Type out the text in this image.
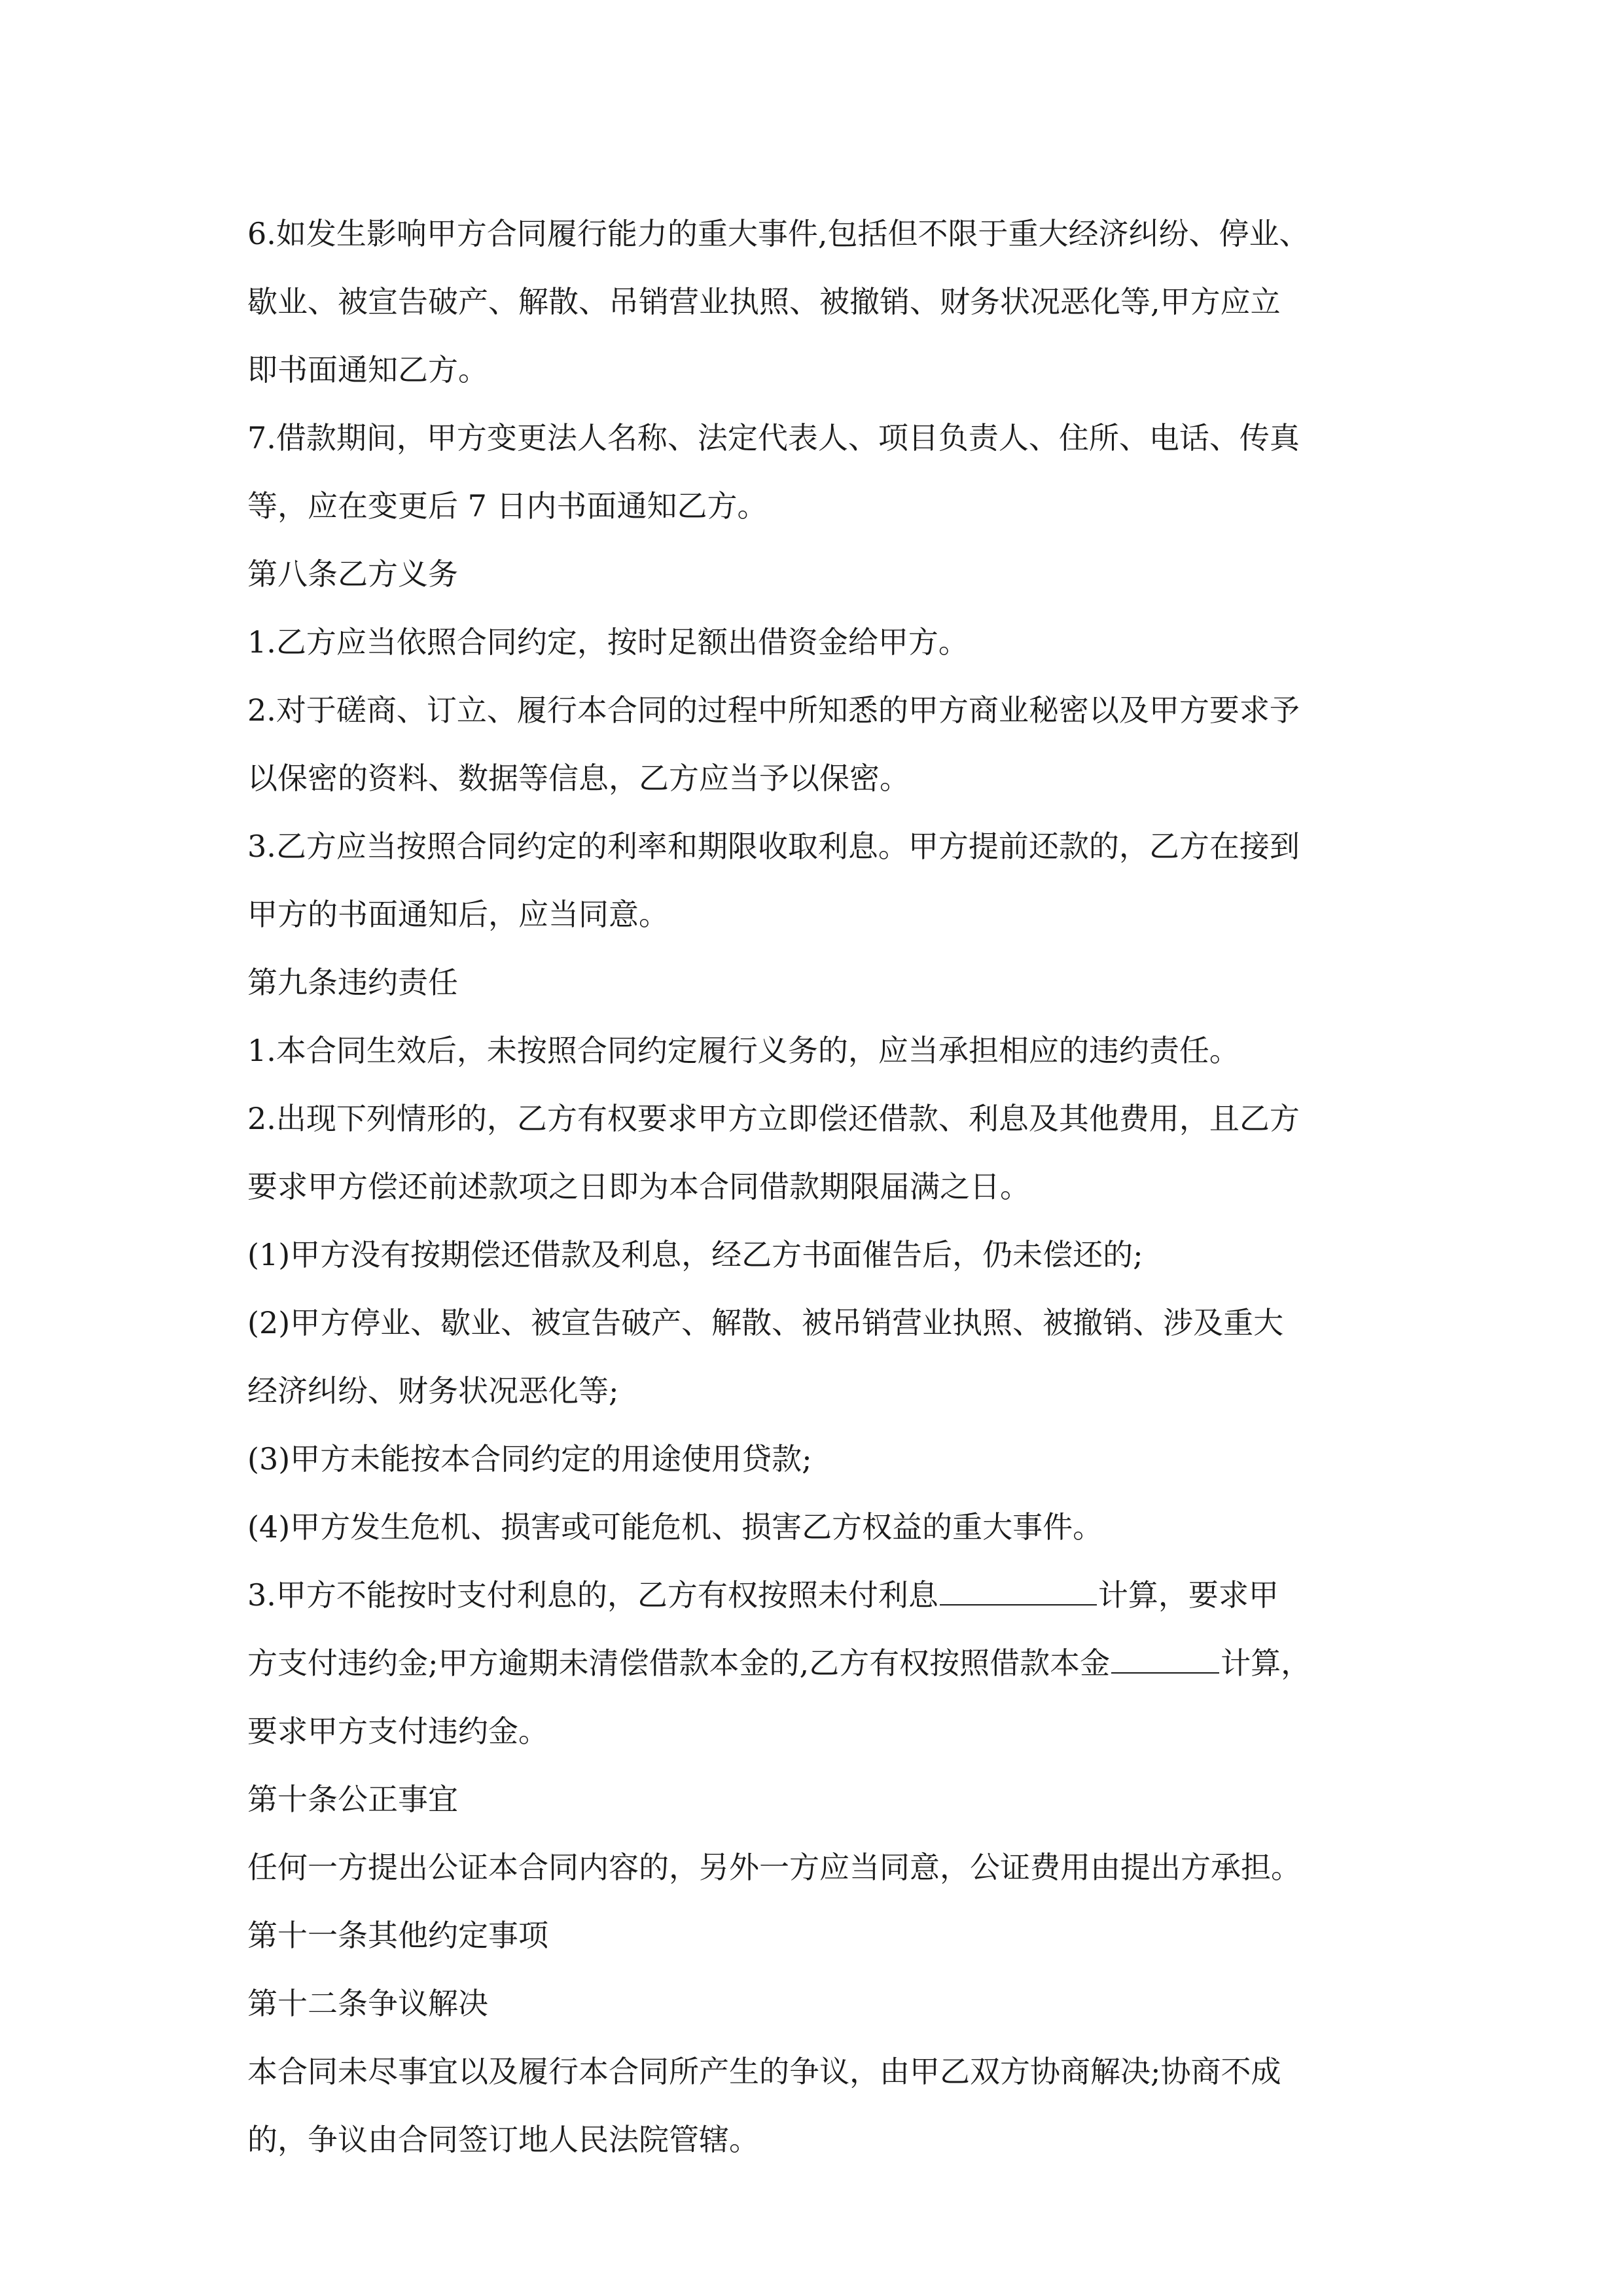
6.如发生影响甲方合同履行能力的重大事件,包括但不限于重大经济纠纷、停业、

歇业、被宣告破产、解散、吊销营业执照、被撤销、财务状况恶化等,甲方应立

即书面通知乙方。

7.借款期间，甲方变更法人名称、法定代表人、项目负责人、住所、电话、传真

等，应在变更后 7 日内书面通知乙方。

第八条乙方义务

1.乙方应当依照合同约定，按时足额出借资金给甲方。

2.对于磋商、订立、履行本合同的过程中所知悉的甲方商业秘密以及甲方要求予

以保密的资料、数据等信息，乙方应当予以保密。

3.乙方应当按照合同约定的利率和期限收取利息。甲方提前还款的，乙方在接到

甲方的书面通知后，应当同意。

第九条违约责任

1.本合同生效后，未按照合同约定履行义务的，应当承担相应的违约责任。

2.出现下列情形的，乙方有权要求甲方立即偿还借款、利息及其他费用，且乙方

要求甲方偿还前述款项之日即为本合同借款期限届满之日。

(1)甲方没有按期偿还借款及利息，经乙方书面催告后，仍未偿还的;

(2)甲方停业、歇业、被宣告破产、解散、被吊销营业执照、被撤销、涉及重大

经济纠纷、财务状况恶化等;

(3)甲方未能按本合同约定的用途使用贷款;

(4)甲方发生危机、损害或可能危机、损害乙方权益的重大事件。

3.甲方不能按时支付利息的，乙方有权按照未付利息	计算，要求甲

方支付违约金;甲方逾期未清偿借款本金的,乙方有权按照借款本金	计算，

要求甲方支付违约金。

第十条公正事宜

任何一方提出公证本合同内容的，另外一方应当同意，公证费用由提出方承担。

第十一条其他约定事项

第十二条争议解决

本合同未尽事宜以及履行本合同所产生的争议，由甲乙双方协商解决;协商不成

的，争议由合同签订地人民法院管辖。
